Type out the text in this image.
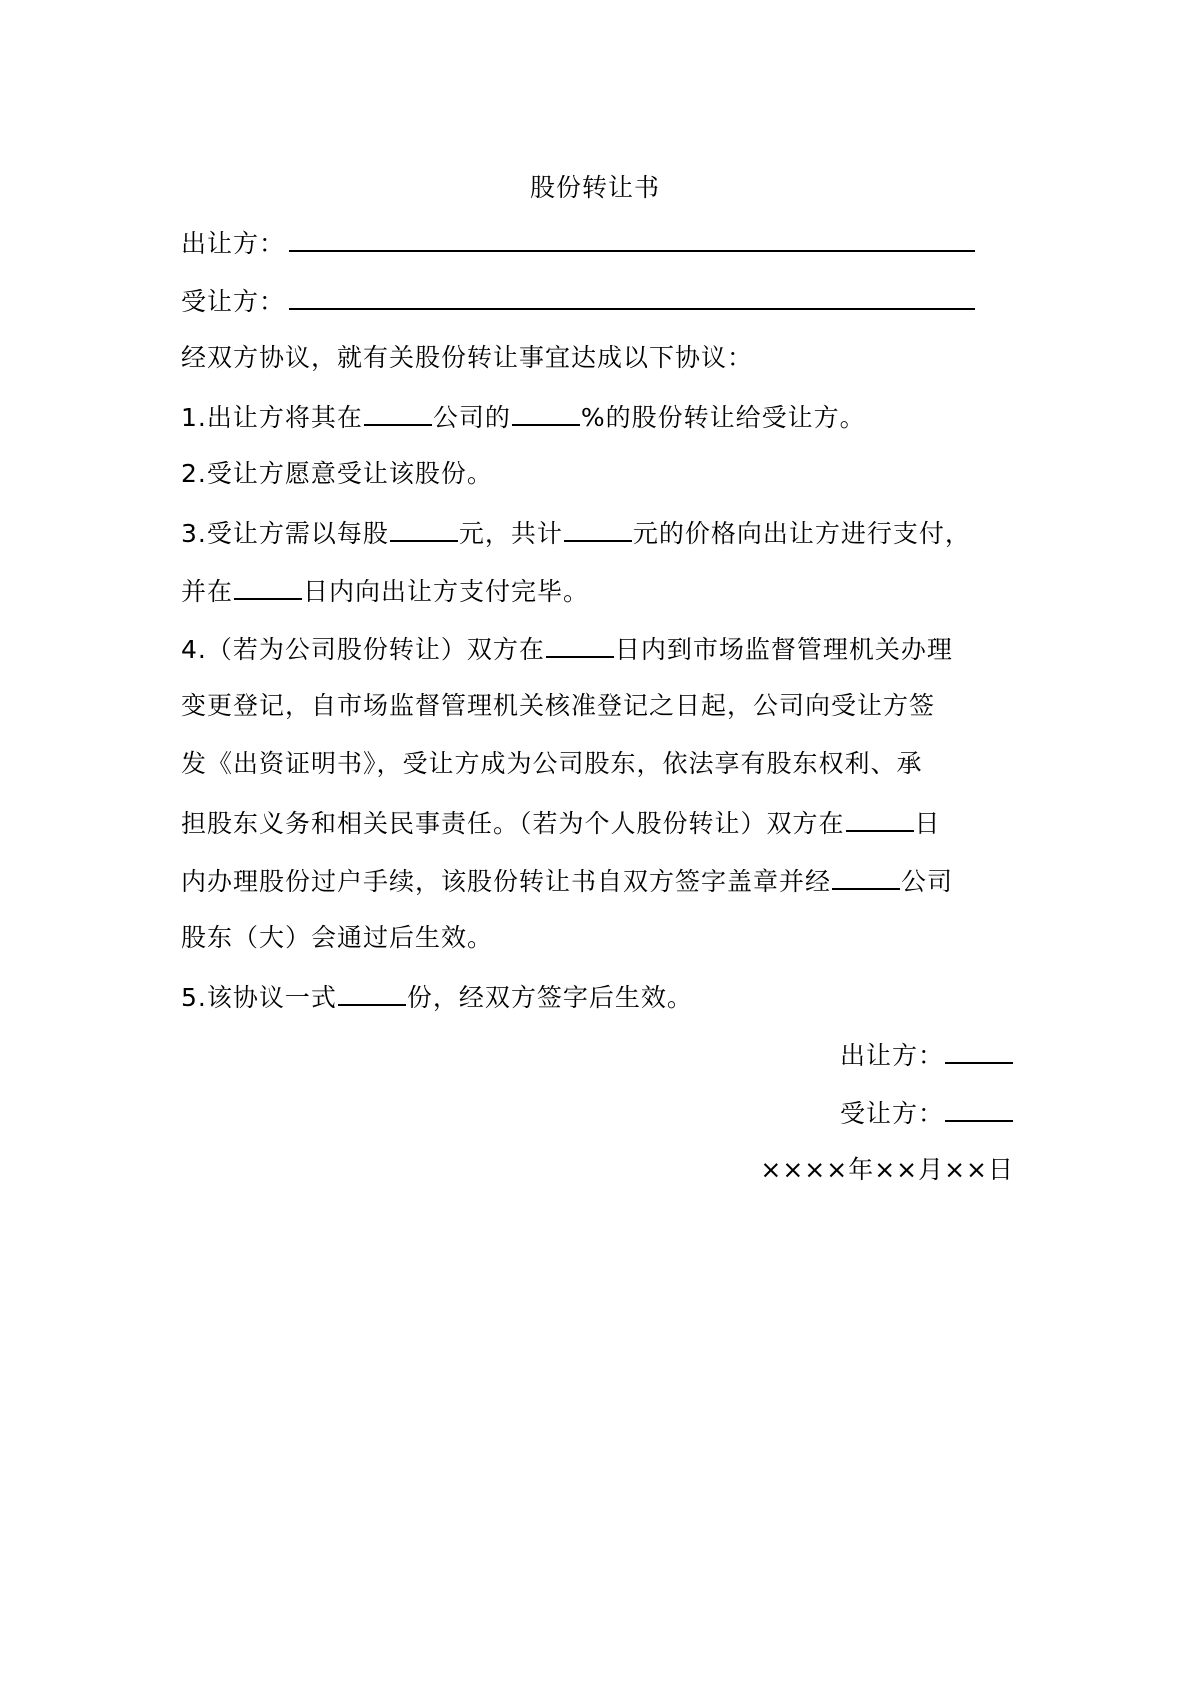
股份转让书
出让方：
受让方：
经双方协议，就有关股份转让事宜达成以下协议：
1.出让方将其在	公司的	%的股份转让给受让方。
2.受让方愿意受让该股份。
3.受让方需以每股	元，共计	元的价格向出让方进行支付，
并在	日内向出让方支付完毕。
4.（若为公司股份转让）双方在	日内到市场监督管理机关办理
变更登记，自市场监督管理机关核准登记之日起，公司向受让方签
发《出资证明书》，受让方成为公司股东，依法享有股东权利、承
担股东义务和相关民事责任。（若为个人股份转让）双方在	日
内办理股份过户手续，该股份转让书自双方签字盖章并经	公司
股东（大）会通过后生效。
5.该协议一式	份，经双方签字后生效。
出让方：
受让方：
××××年××月××日
